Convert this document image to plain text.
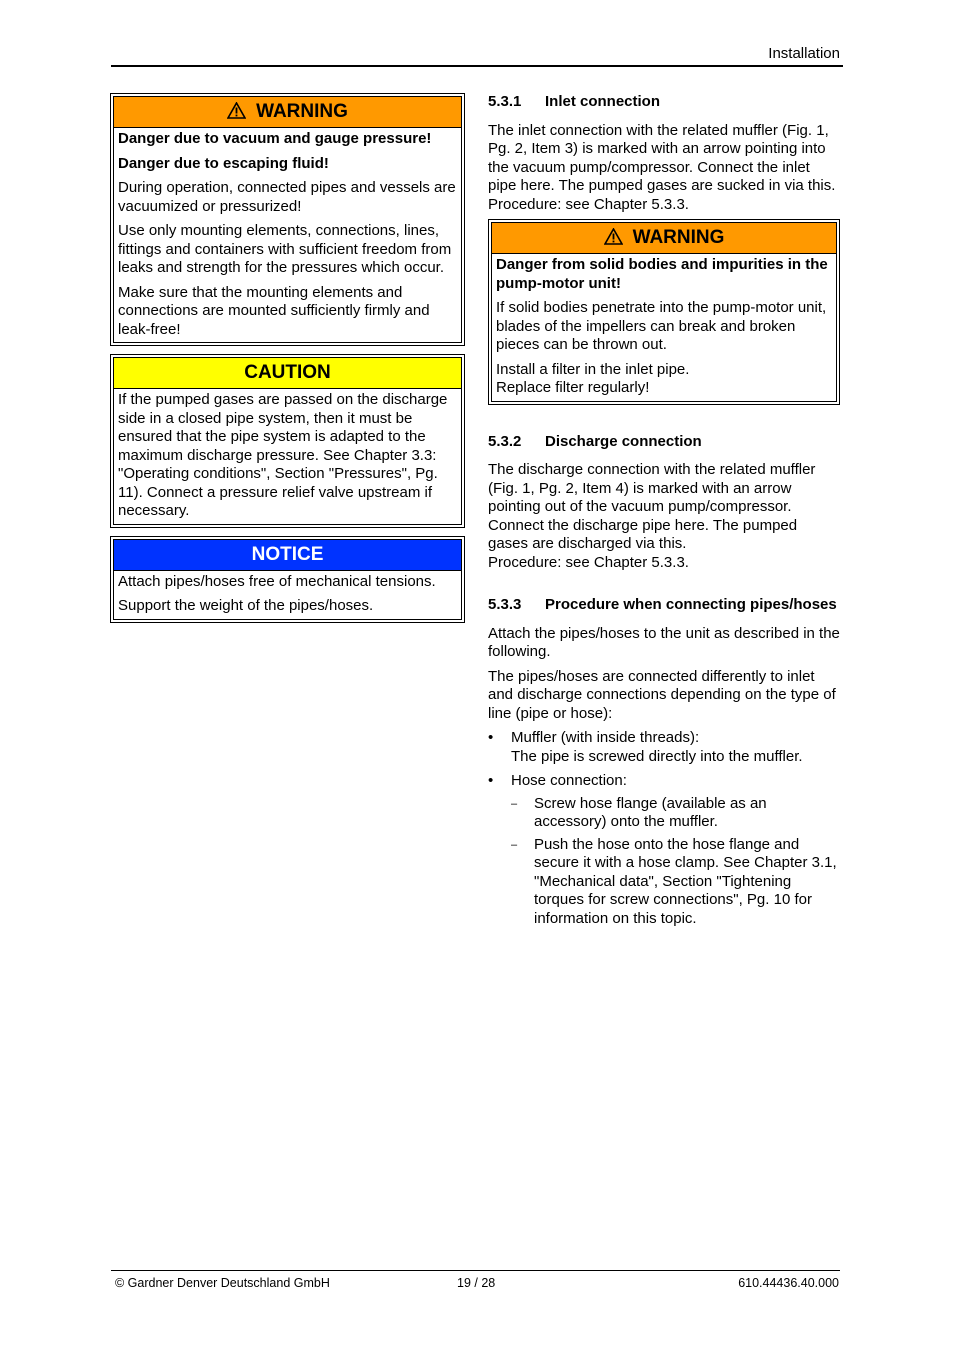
Installation
WARNING

Danger due to vacuum and gauge pressure!

Danger due to escaping fluid!

During operation, connected pipes and vessels are vacuumized or pressurized!

Use only mounting elements, connections, lines, fittings and containers with sufficient freedom from leaks and strength for the pressures which occur.

Make sure that the mounting elements and connections are mounted sufficiently firmly and leak-free!

CAUTION

If the pumped gases are passed on the discharge side in a closed pipe system, then it must be ensured that the pipe system is adapted to the maximum discharge pressure. See Chapter 3.3: "Operating conditions", Section "Pressures", Pg. 11). Connect a pressure relief valve upstream if necessary.

NOTICE

Attach pipes/hoses free of mechanical tensions.

Support the weight of the pipes/hoses.

5.3.1	Inlet connection
The inlet connection with the related muffler (Fig. 1, Pg. 2, Item 3) is marked with an arrow pointing into the vacuum pump/compressor. Connect the inlet pipe here. The pumped gases are sucked in via this.
Procedure: see Chapter 5.3.3.
WARNING

Danger from solid bodies and impurities in the pump-motor unit!

If solid bodies penetrate into the pump-motor unit, blades of the impellers can break and broken pieces can be thrown out.

Install a filter in the inlet pipe.

Replace filter regularly!

5.3.2	Discharge connection
The discharge connection with the related muffler (Fig. 1, Pg. 2, Item 4) is marked with an arrow pointing out of the vacuum pump/compressor. Connect the discharge pipe here. The pumped gases are discharged via this.
Procedure: see Chapter 5.3.3.
5.3.3	Procedure when connecting pipes/hoses
Attach the pipes/hoses to the unit as described in the following.
The pipes/hoses are connected differently to inlet and discharge connections depending on the type of line (pipe or hose):
• Muffler (with inside threads):
The pipe is screwed directly into the muffler.
• Hose connection:
– Screw hose flange (available as an accessory) onto the muffler.
– Push the hose onto the hose flange and secure it with a hose clamp. See Chapter 3.1, "Mechanical data", Section "Tightening torques for screw connections", Pg. 10 for information on this topic.
© Gardner Denver Deutschland GmbH	19 / 28	610.44436.40.000
